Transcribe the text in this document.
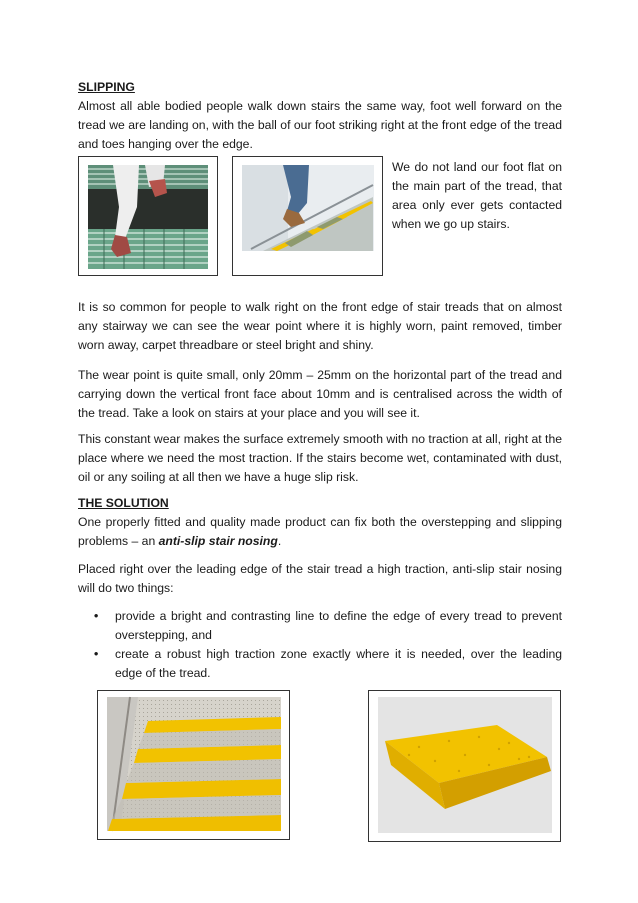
SLIPPING
Almost all able bodied people walk down stairs the same way, foot well forward on the tread we are landing on, with the ball of our foot striking right at the front edge of the tread and toes hanging over the edge.
We do not land our foot flat on the main part of the tread, that area only ever gets contacted when we go up stairs.
It is so common for people to walk right on the front edge of stair treads that on almost any stairway we can see the wear point where it is highly worn, paint removed, timber worn away, carpet threadbare or steel bright and shiny.
The wear point is quite small, only 20mm – 25mm on the horizontal part of the tread and carrying down the vertical front face about 10mm and is centralised across the width of the tread. Take a look on stairs at your place and you will see it.
This constant wear makes the surface extremely smooth with no traction at all, right at the place where we need the most traction. If the stairs become wet, contaminated with dust, oil or any soiling at all then we have a huge slip risk.
THE SOLUTION
One properly fitted and quality made product can fix both the overstepping and slipping problems – an anti-slip stair nosing.
Placed right over the leading edge of the stair tread a high traction, anti-slip stair nosing will do two things:
• provide a bright and contrasting line to define the edge of every tread to prevent overstepping, and
• create a robust high traction zone exactly where it is needed, over the leading edge of the tread.
